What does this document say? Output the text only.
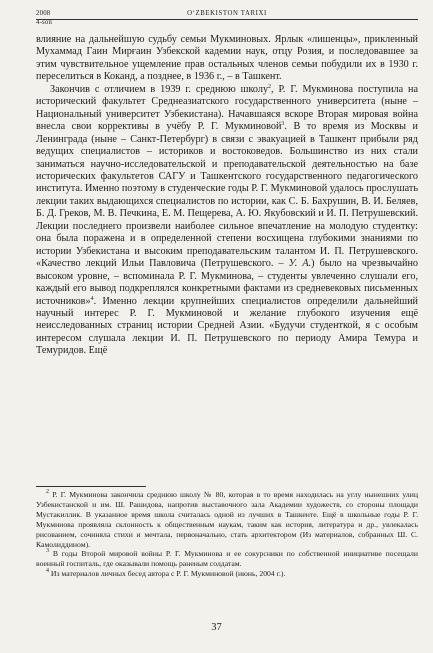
2008	O‘ZBEKISTON TARIXI
4-son

влияние на дальнейшую судьбу семьи Мукминовых. Ярлык «лишенцы», прикленный Мухаммад Гаин Мирғаин Узбекской кадемии наук, отцу Розия, и последовавшее за этим чувствительное ущемление прав остальных членов семьи побудили их в 1930 г. переселиться в Коканд, а позднее, в 1936 г., – в Ташкент.

Закончив с отличием в 1939 г. среднюю школу$^2$, Р. Г. Мукминова поступила на исторический факультет Среднеазиатского государственного университета (ныне – Национальный университет Узбекистана). Начавшаяся вскоре Вторая мировая война внесла свои коррективы в учёбу Р. Г. Мукминовой$^3$. В то время из Москвы и Ленинграда (ныне – Санкт-Петербург) в связи с эвакуацией в Ташкент прибыли ряд ведущих специалистов – историков и востоковедов. Большинство из них стали заниматься научно-исследовательской и преподавательской деятельностью на базе исторических факультетов САГУ и Ташкентского государственного педагогического института. Именно поэтому в студенческие годы Р. Г. Мукминовой удалось прослушать лекции таких выдающихся специалистов по истории, как С. Б. Бахрушин, В. И. Беляев, Б. Д. Греков, М. В. Печкина, Е. М. Пещерева, А. Ю. Якубовский и И. П. Петрушевский. Лекции последнего произвели наиболее сильное впечатление на молодую студентку: она была поражена и в определенной степени восхищена глубокими знаниями по истории Узбекистана и высоким преподавательским талантом И. П. Петрушевского. «Качество лекций Ильи Павловича (Петрушевского. – У. А.) было на чрезвычайно высоком уровне, – вспоминала Р. Г. Мукминова, – студенты увлеченно слушали его, каждый его вывод подкреплялся конкретными фактами из средневековых письменных источников»$^4$. Именно лекции крупнейших специалистов определили дальнейший научный интерес Р. Г. Мукминовой и желание глубокого изучения ещё неисследованных страниц истории Средней Азии. «Будучи студенткой, я с особым интересом слушала лекции И. П. Петрушевского по периоду Амира Темура и Темуридов. Ещё

$^2$ Р. Г. Мукминова закончила среднюю школу № 80, которая в то время находилась на углу нынешних улиц Узбекистанской и им. Ш. Рашидова, напротив выставочного зала Академии художеств, со стороны площади Мустакиллик. В указанное время школа считалась одной из лучших в Ташкенте. Ещё в школьные годы Р. Г. Мукминова проявляла склонность к общественным наукам, таким как история, литература и др., увлекалась рисованием, сочиняла стихи и мечтала, первоначально, стать архитектором (Из материалов, собранных Ш. С. Камолиддином).

$^3$ В годы Второй мировой войны Р. Г. Мукминова и ее сокурсники по собственной инициативе посещали военный госпиталь, где оказывали помощь раненым солдатам.

$^4$ Из материалов личных бесед автора с Р. Г. Мукминовой (июнь, 2004 г.).

37
